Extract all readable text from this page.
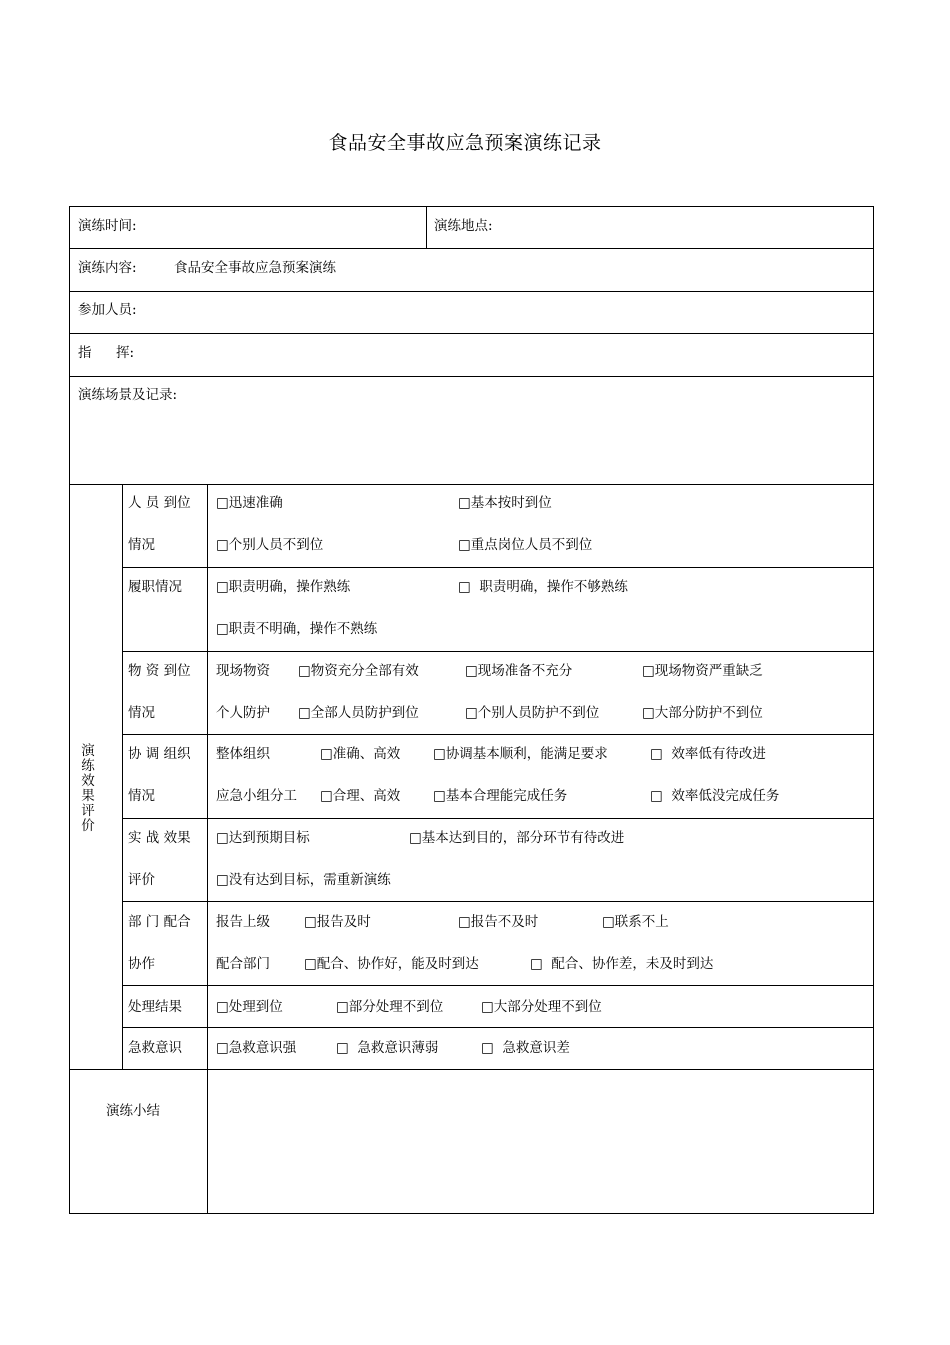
食品安全事故应急预案演练记录
演练时间:	演练地点:
演练内容:	食品安全事故应急预案演练
参加人员:
指 挥:
演练场景及记录:
演练效果评价
人 员 到位
情况
□迅速准确	□基本按时到位
□个别人员不到位	□重点岗位人员不到位
履职情况	□职责明确，操作熟练	□  职责明确，操作不够熟练
□职责不明确，操作不熟练
物 资 到位
情况
现场物资 □物资充分全部有效	□现场准备不充分	□现场物资严重缺乏
个人防护 □全部人员防护到位	□个别人员防护不到位	□大部分防护不到位
协 调 组织
情况
整体组织	□准确、高效 □协调基本顺利，能满足要求	□  效率低有待改进
应急小组分工 □合理、高效 □基本合理能完成任务	□  效率低没完成任务
实 战 效果
评价
□达到预期目标	□基本达到目的，部分环节有待改进
□没有达到目标，需重新演练
部 门 配合
协作
报告上级	□报告及时	□报告不及时	□联系不上
配合部门	□配合、协作好，能及时到达	□  配合、协作差，未及时到达
处理结果	□处理到位	□部分处理不到位	□大部分处理不到位
急救意识	□急救意识强	□  急救意识薄弱	□  急救意识差
演练小结
